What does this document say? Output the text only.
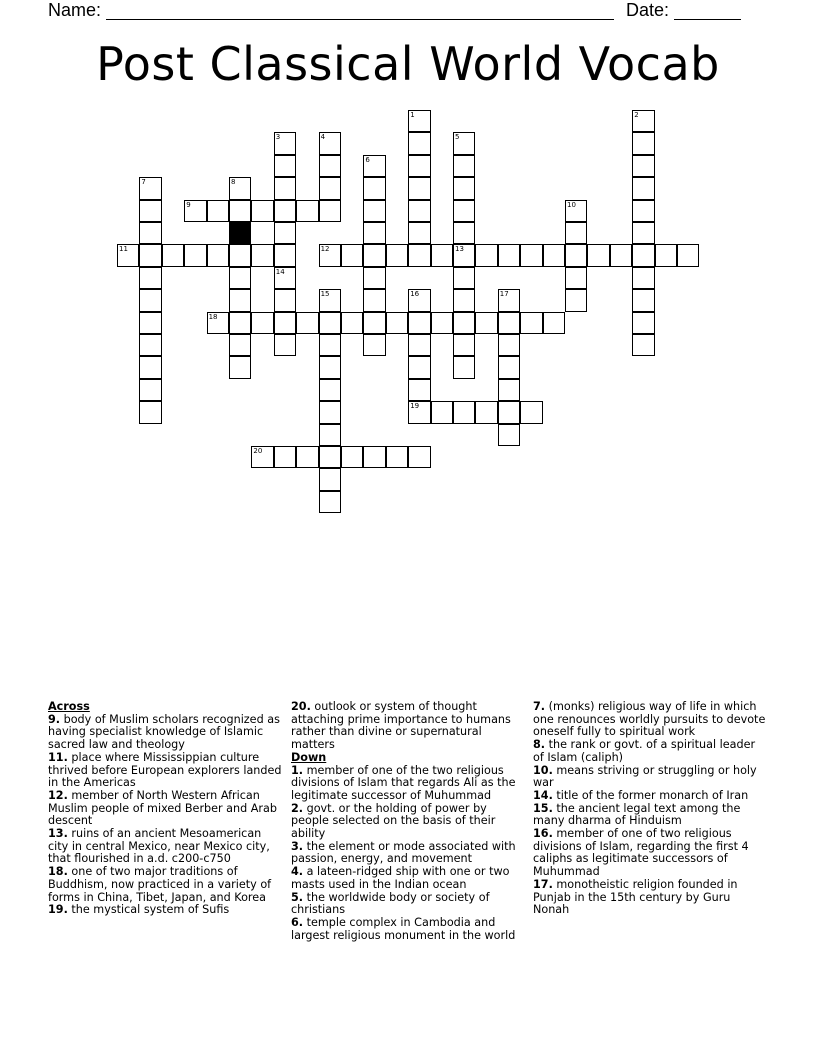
Name:	Date:
Post Classical World Vocab
9
11	12	13
18
19
20
1	2
3
14
4	5
6
7	8
10
15	16	17
Across
9. body of Muslim scholars recognized as having specialist knowledge of Islamic sacred law and theology
11. place where Mississippian culture thrived before European explorers landed in the Americas
12. member of North Western African Muslim people of mixed Berber and Arab descent
13. ruins of an ancient Mesoamerican city in central Mexico, near Mexico city, that flourished in a.d. c200-c750
18. one of two major traditions of Buddhism, now practiced in a variety of forms in China, Tibet, Japan, and Korea
19. the mystical system of Sufis
20. outlook or system of thought attaching prime importance to humans rather than divine or supernatural matters
Down
1. member of one of the two religious divisions of Islam that regards Ali as the legitimate successor of Muhummad
2. govt. or the holding of power by people selected on the basis of their ability
3. the element or mode associated with passion, energy, and movement
4. a lateen-ridged ship with one or two masts used in the Indian ocean
5. the worldwide body or society of christians
6. temple complex in Cambodia and largest religious monument in the world
7. (monks) religious way of life in which one renounces worldly pursuits to devote oneself fully to spiritual work
8. the rank or govt. of a spiritual leader of Islam (caliph)
10. means striving or struggling or holy war
14. title of the former monarch of Iran
15. the ancient legal text among the many dharma of Hinduism
16. member of one of two religious divisions of Islam, regarding the first 4 caliphs as legitimate successors of Muhummad
17. monotheistic religion founded in Punjab in the 15th century by Guru Nonah
